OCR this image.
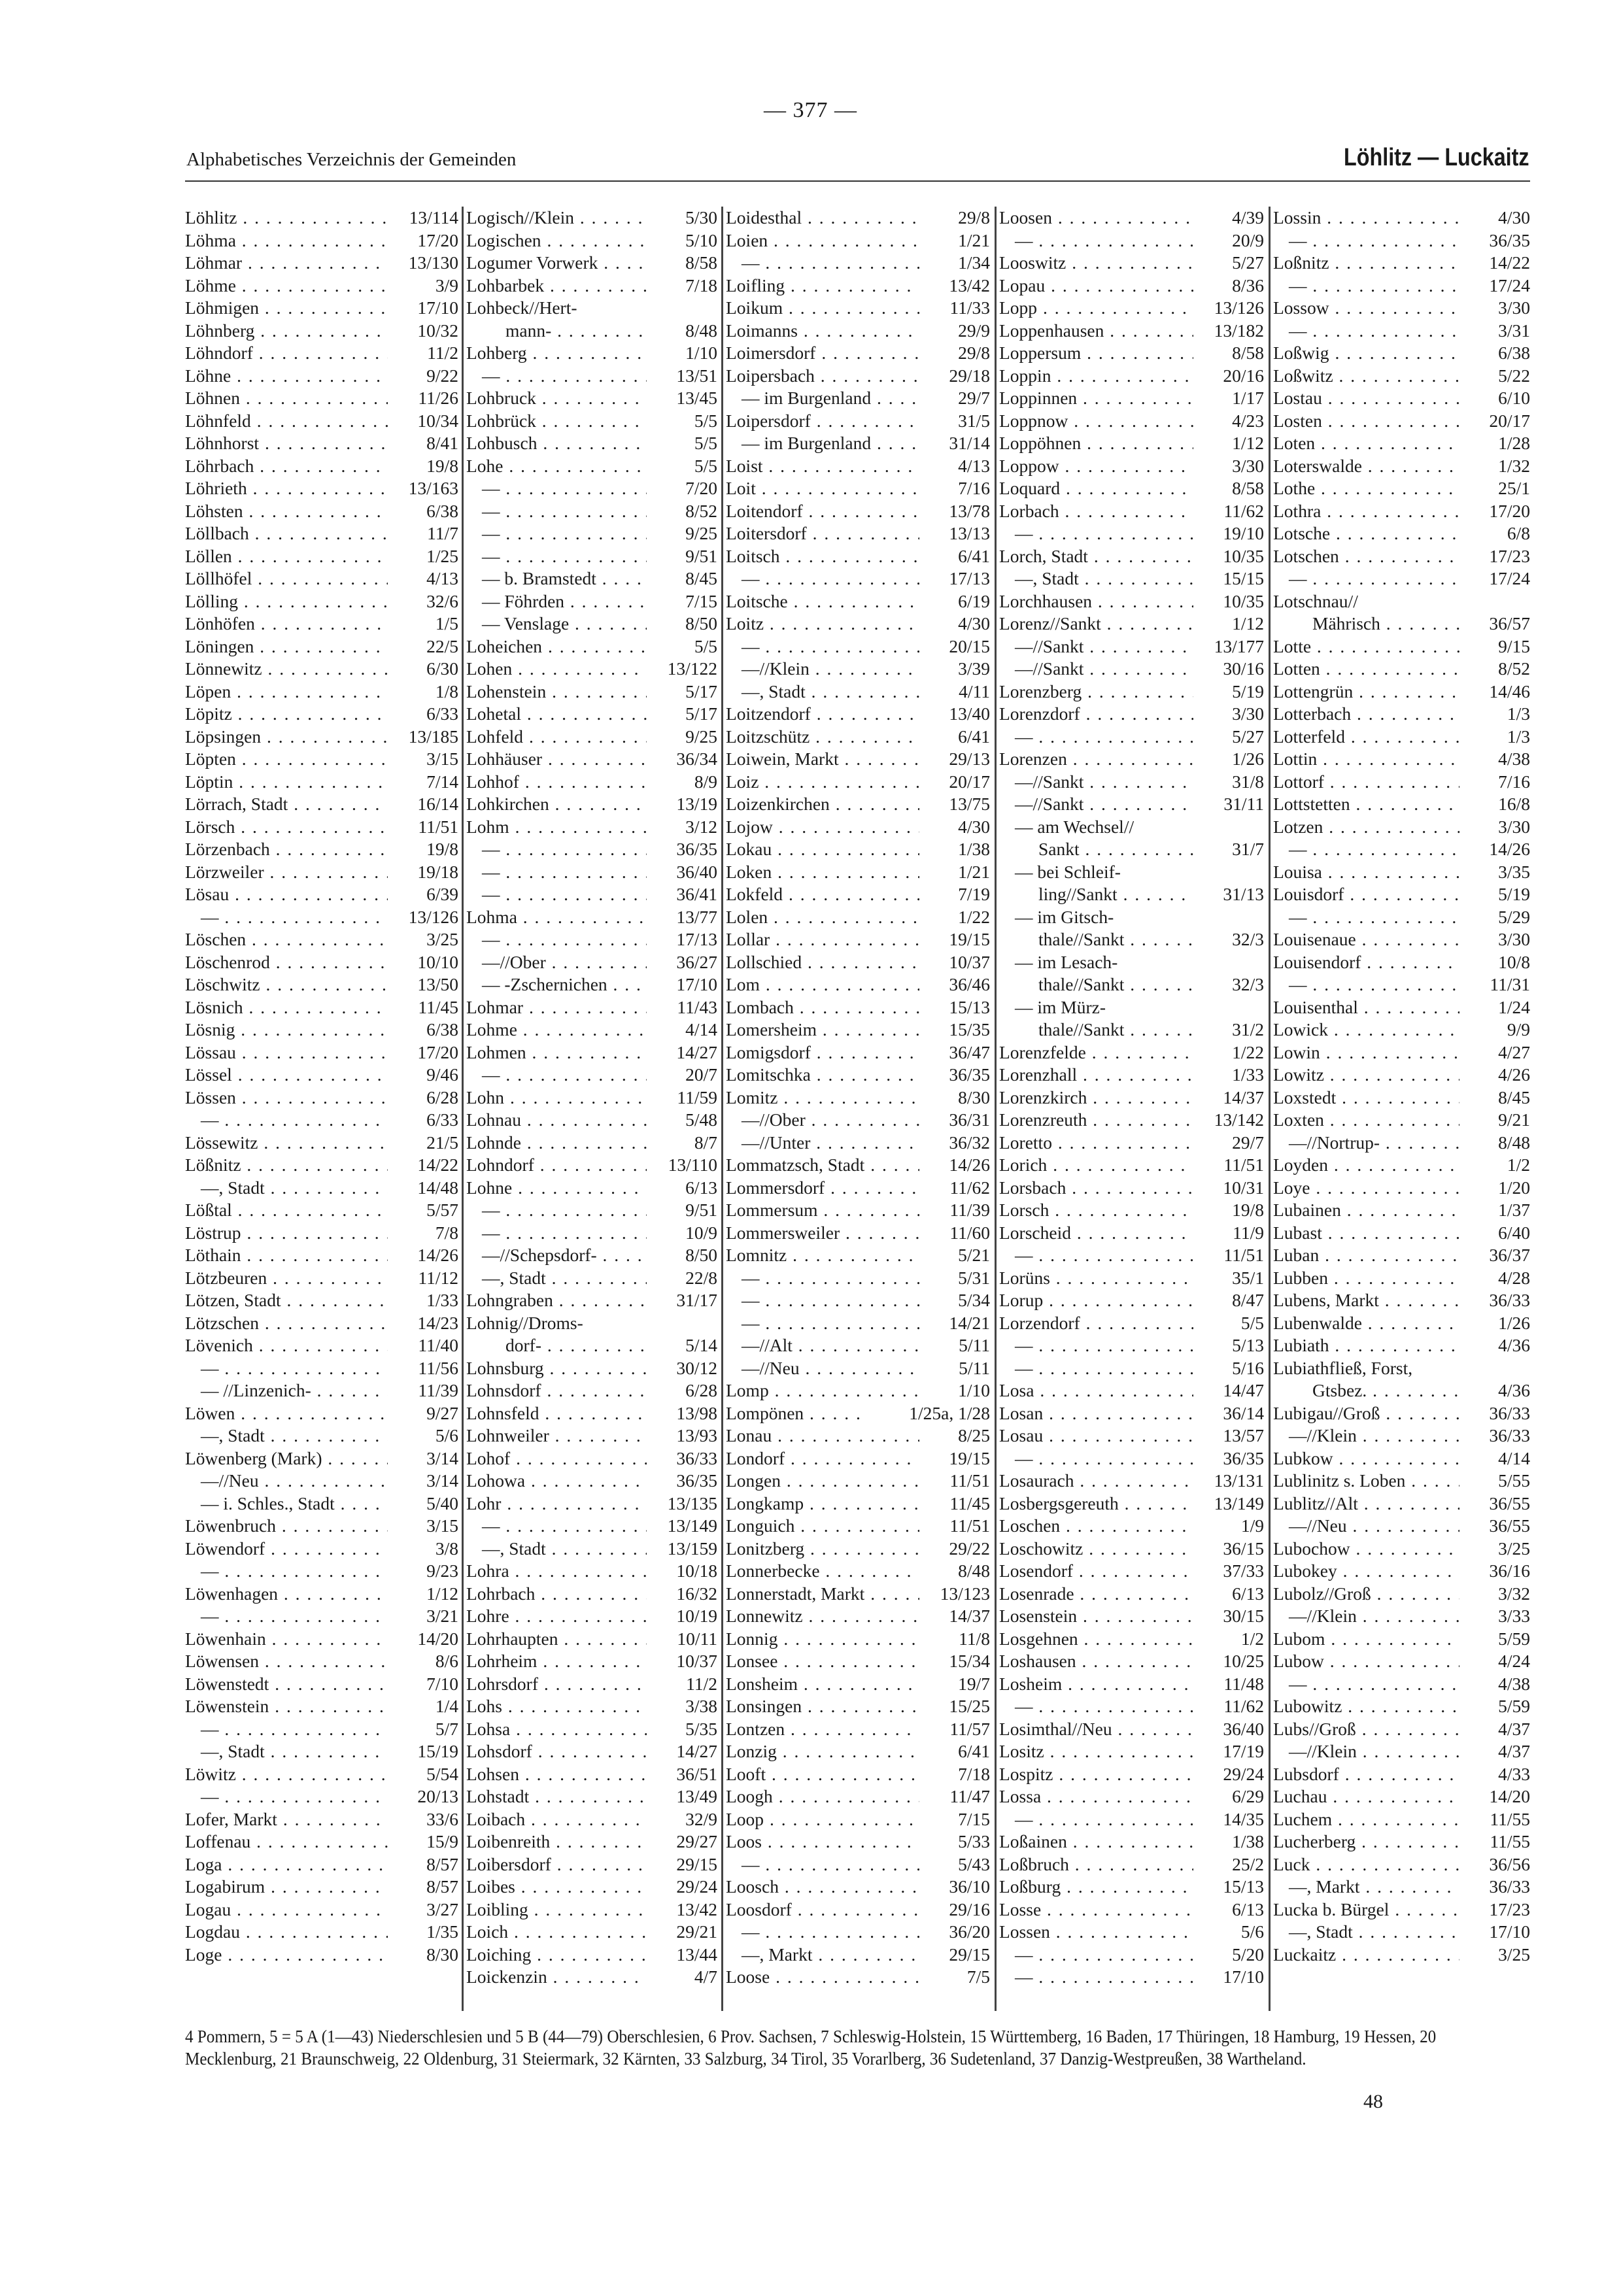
— 377 —
Alphabetisches Verzeichnis der Gemeinden	Löhlitz — Luckaitz
Löhlitz . . .	13/114
Löhma . . .	17/20
Löhmar . . .	13/130
Löhme . . .	3/9
Löhmigen . . .	17/10
Löhnberg . . .	10/32
Löhndorf . . .	11/2
Löhne . . .	9/22
Löhnen . . .	11/26
Löhnfeld . . .	10/34
Löhnhorst . . .	8/41
Löhrbach . . .	19/8
Löhrieth . . .	13/163
Löhsten . . .	6/38
Löllbach . . .	11/7
Löllen . . .	1/25
Löllhöfel . . .	4/13
Lölling . . .	32/6
Lönhöfen . . .	1/5
Löningen . . .	22/5
Lönnewitz . . .	6/30
Löpen . . .	1/8
Löpitz . . .	6/33
Löpsingen . . .	13/185
Löpten . . .	3/15
Löptin . . .	7/14
Lörrach, Stadt . . .	16/14
Lörsch . . .	11/51
Lörzenbach . . .	19/8
Lörzweiler . . .	19/18
Lösau . . .	6/39
— . . .	13/126
Löschen . . .	3/25
Löschenrod . . .	10/10
Löschwitz . . .	13/50
Lösnich . . .	11/45
Lösnig . . .	6/38
Lössau . . .	17/20
Lössel . . .	9/46
Lössen . . .	6/28
— . . .	6/33
Lössewitz . . .	21/5
Lößnitz . . .	14/22
—, Stadt . . .	14/48
Lößtal . . .	5/57
Löstrup . . .	7/8
Löthain . . .	14/26
Lötzbeuren . . .	11/12
Lötzen, Stadt . . .	1/33
Lötzschen . . .	14/23
Lövenich . . .	11/40
— . . .	11/56
— //Linzenich- . . .	11/39
Löwen . . .	9/27
—, Stadt . . .	5/6
Löwenberg (Mark) . . .	3/14
—//Neu . . .	3/14
— i. Schles., Stadt . . .	5/40
Löwenbruch . . .	3/15
Löwendorf . . .	3/8
— . . .	9/23
Löwenhagen . . .	1/12
— . . .	3/21
Löwenhain . . .	14/20
Löwensen . . .	8/6
Löwenstedt . . .	7/10
Löwenstein . . .	1/4
— . . .	5/7
—, Stadt . . .	15/19
Löwitz . . .	5/54
— . . .	20/13
Lofer, Markt . . .	33/6
Loffenau . . .	15/9
Loga . . .	8/57
Logabirum . . .	8/57
Logau . . .	3/27
Logdau . . .	1/35
Loge . . .	8/30
Logisch//Klein . . .	5/30
Logischen . . .	5/10
Logumer Vorwerk . . .	8/58
Lohbarbek . . .	7/18
Lohbeck//Hert-
mann- . . .	8/48
Lohberg . . .	1/10
— . . .	13/51
Lohbruck . . .	13/45
Lohbrück . . .	5/5
Lohbusch . . .	5/5
Lohe . . .	5/5
— . . .	7/20
— . . .	8/52
— . . .	9/25
— . . .	9/51
— b. Bramstedt . . .	8/45
— Föhrden . . .	7/15
— Venslage . . .	8/50
Loheichen . . .	5/5
Lohen . . .	13/122
Lohenstein . . .	5/17
Lohetal . . .	5/17
Lohfeld . . .	9/25
Lohhäuser . . .	36/34
Lohhof . . .	8/9
Lohkirchen . . .	13/19
Lohm . . .	3/12
— . . .	36/35
— . . .	36/40
— . . .	36/41
Lohma . . .	13/77
— . . .	17/13
—//Ober . . .	36/27
— -Zschernichen . . .	17/10
Lohmar . . .	11/43
Lohme . . .	4/14
Lohmen . . .	14/27
— . . .	20/7
Lohn . . .	11/59
Lohnau . . .	5/48
Lohnde . . .	8/7
Lohndorf . . .	13/110
Lohne . . .	6/13
— . . .	9/51
— . . .	10/9
—//Schepsdorf- . . .	8/50
—, Stadt . . .	22/8
Lohngraben . . .	31/17
Lohnig//Droms-
dorf- . . .	5/14
Lohnsburg . . .	30/12
Lohnsdorf . . .	6/28
Lohnsfeld . . .	13/98
Lohnweiler . . .	13/93
Lohof . . .	36/33
Lohowa . . .	36/35
Lohr . . .	13/135
— . . .	13/149
—, Stadt . . .	13/159
Lohra . . .	10/18
Lohrbach . . .	16/32
Lohre . . .	10/19
Lohrhaupten . . .	10/11
Lohrheim . . .	10/37
Lohrsdorf . . .	11/2
Lohs . . .	3/38
Lohsa . . .	5/35
Lohsdorf . . .	14/27
Lohsen . . .	36/51
Lohstadt . . .	13/49
Loibach . . .	32/9
Loibenreith . . .	29/27
Loibersdorf . . .	29/15
Loibes . . .	29/24
Loibling . . .	13/42
Loich . . .	29/21
Loiching . . .	13/44
Loickenzin . . .	4/7
Loidesthal . . .	29/8
Loien . . .	1/21
— . . .	1/34
Loifling . . .	13/42
Loikum . . .	11/33
Loimanns . . .	29/9
Loimersdorf . . .	29/8
Loipersbach . . .	29/18
— im Burgenland . . .	29/7
Loipersdorf . . .	31/5
— im Burgenland . . .	31/14
Loist . . .	4/13
Loit . . .	7/16
Loitendorf . . .	13/78
Loitersdorf . . .	13/13
Loitsch . . .	6/41
— . . .	17/13
Loitsche . . .	6/19
Loitz . . .	4/30
— . . .	20/15
—//Klein . . .	3/39
—, Stadt . . .	4/11
Loitzendorf . . .	13/40
Loitzschütz . . .	6/41
Loiwein, Markt . . .	29/13
Loiz . . .	20/17
Loizenkirchen . . .	13/75
Lojow . . .	4/30
Lokau . . .	1/38
Loken . . .	1/21
Lokfeld . . .	7/19
Lolen . . .	1/22
Lollar . . .	19/15
Lollschied . . .	10/37
Lom . . .	36/46
Lombach . . .	15/13
Lomersheim . . .	15/35
Lomigsdorf . . .	36/47
Lomitschka . . .	36/35
Lomitz . . .	8/30
—//Ober . . .	36/31
—//Unter . . .	36/32
Lommatzsch, Stadt . . .	14/26
Lommersdorf . . .	11/62
Lommersum . . .	11/39
Lommersweiler . . .	11/60
Lomnitz . . .	5/21
— . . .	5/31
— . . .	5/34
— . . .	14/21
—//Alt . . .	5/11
—//Neu . . .	5/11
Lomp . . .	1/10
Lompönen . . .	1/25a, 1/28
Lonau . . .	8/25
Londorf . . .	19/15
Longen . . .	11/51
Longkamp . . .	11/45
Longuich . . .	11/51
Lonitzberg . . .	29/22
Lonnerbecke . . .	8/48
Lonnerstadt, Markt . . .	13/123
Lonnewitz . . .	14/37
Lonnig . . .	11/8
Lonsee . . .	15/34
Lonsheim . . .	19/7
Lonsingen . . .	15/25
Lontzen . . .	11/57
Lonzig . . .	6/41
Looft . . .	7/18
Loogh . . .	11/47
Loop . . .	7/15
Loos . . .	5/33
— . . .	5/43
Loosch . . .	36/10
Loosdorf . . .	29/16
— . . .	36/20
—, Markt . . .	29/15
Loose . . .	7/5
Loosen . . .	4/39
— . . .	20/9
Looswitz . . .	5/27
Lopau . . .	8/36
Lopp . . .	13/126
Loppenhausen . . .	13/182
Loppersum . . .	8/58
Loppin . . .	20/16
Loppinnen . . .	1/17
Loppnow . . .	4/23
Loppöhnen . . .	1/12
Loppow . . .	3/30
Loquard . . .	8/58
Lorbach . . .	11/62
— . . .	19/10
Lorch, Stadt . . .	10/35
—, Stadt . . .	15/15
Lorchhausen . . .	10/35
Lorenz//Sankt . . .	1/12
—//Sankt . . .	13/177
—//Sankt . . .	30/16
Lorenzberg . . .	5/19
Lorenzdorf . . .	3/30
— . . .	5/27
Lorenzen . . .	1/26
—//Sankt . . .	31/8
—//Sankt . . .	31/11
— am Wechsel//
Sankt . . .	31/7
— bei Schleif-
ling//Sankt . . .	31/13
— im Gitsch-
thale//Sankt . . .	32/3
— im Lesach-
thale//Sankt . . .	32/3
— im Mürz-
thale//Sankt . . .	31/2
Lorenzfelde . . .	1/22
Lorenzhall . . .	1/33
Lorenzkirch . . .	14/37
Lorenzreuth . . .	13/142
Loretto . . .	29/7
Lorich . . .	11/51
Lorsbach . . .	10/31
Lorsch . . .	19/8
Lorscheid . . .	11/9
— . . .	11/51
Lorüns . . .	35/1
Lorup . . .	8/47
Lorzendorf . . .	5/5
— . . .	5/13
— . . .	5/16
Losa . . .	14/47
Losan . . .	36/14
Losau . . .	13/57
— . . .	36/35
Losaurach . . .	13/131
Losbergsgereuth . . .	13/149
Loschen . . .	1/9
Loschowitz . . .	36/15
Losendorf . . .	37/33
Losenrade . . .	6/13
Losenstein . . .	30/15
Losgehnen . . .	1/2
Loshausen . . .	10/25
Losheim . . .	11/48
— . . .	11/62
Losimthal//Neu . . .	36/40
Lositz . . .	17/19
Lospitz . . .	29/24
Lossa . . .	6/29
— . . .	14/35
Loßainen . . .	1/38
Loßbruch . . .	25/2
Loßburg . . .	15/13
Losse . . .	6/13
Lossen . . .	5/6
— . . .	5/20
— . . .	17/10
Lossin . . .	4/30
— . . .	36/35
Loßnitz . . .	14/22
— . . .	17/24
Lossow . . .	3/30
— . . .	3/31
Loßwig . . .	6/38
Loßwitz . . .	5/22
Lostau . . .	6/10
Losten . . .	20/17
Loten . . .	1/28
Loterswalde . . .	1/32
Lothe . . .	25/1
Lothra . . .	17/20
Lotsche . . .	6/8
Lotschen . . .	17/23
— . . .	17/24
Lotschnau//
Mährisch . . .	36/57
Lotte . . .	9/15
Lotten . . .	8/52
Lottengrün . . .	14/46
Lotterbach . . .	1/3
Lotterfeld . . .	1/3
Lottin . . .	4/38
Lottorf . . .	7/16
Lottstetten . . .	16/8
Lotzen . . .	3/30
— . . .	14/26
Louisa . . .	3/35
Louisdorf . . .	5/19
— . . .	5/29
Louisenaue . . .	3/30
Louisendorf . . .	10/8
— . . .	11/31
Louisenthal . . .	1/24
Lowick . . .	9/9
Lowin . . .	4/27
Lowitz . . .	4/26
Loxstedt . . .	8/45
Loxten . . .	9/21
—//Nortrup- . . .	8/48
Loyden . . .	1/2
Loye . . .	1/20
Lubainen . . .	1/37
Lubast . . .	6/40
Luban . . .	36/37
Lubben . . .	4/28
Lubens, Markt . . .	36/33
Lubenwalde . . .	1/26
Lubiath . . .	4/36
Lubiathfließ, Forst,
Gtsbez. . . .	4/36
Lubigau//Groß . . .	36/33
—//Klein . . .	36/33
Lubkow . . .	4/14
Lublinitz s. Loben . . .	5/55
Lublitz//Alt . . .	36/55
—//Neu . . .	36/55
Lubochow . . .	3/25
Lubokey . . .	36/16
Lubolz//Groß . . .	3/32
—//Klein . . .	3/33
Lubom . . .	5/59
Lubow . . .	4/24
— . . .	4/38
Lubowitz . . .	5/59
Lubs//Groß . . .	4/37
—//Klein . . .	4/37
Lubsdorf . . .	4/33
Luchau . . .	14/20
Luchem . . .	11/55
Lucherberg . . .	11/55
Luck . . .	36/56
—, Markt . . .	36/33
Lucka b. Bürgel . . .	17/23
—, Stadt . . .	17/10
Luckaitz . . .	3/25
4 Pommern, 5 = 5 A (1—43) Niederschlesien und 5 B (44—79) Oberschlesien, 6 Prov. Sachsen, 7 Schleswig-Holstein, 15 Württemberg, 16 Baden, 17 Thüringen, 18 Hamburg, 19 Hessen, 20 Mecklenburg, 21 Braunschweig, 22 Oldenburg, 31 Steiermark, 32 Kärnten, 33 Salzburg, 34 Tirol, 35 Vorarlberg, 36 Sudetenland, 37 Danzig-Westpreußen, 38 Wartheland.
48
